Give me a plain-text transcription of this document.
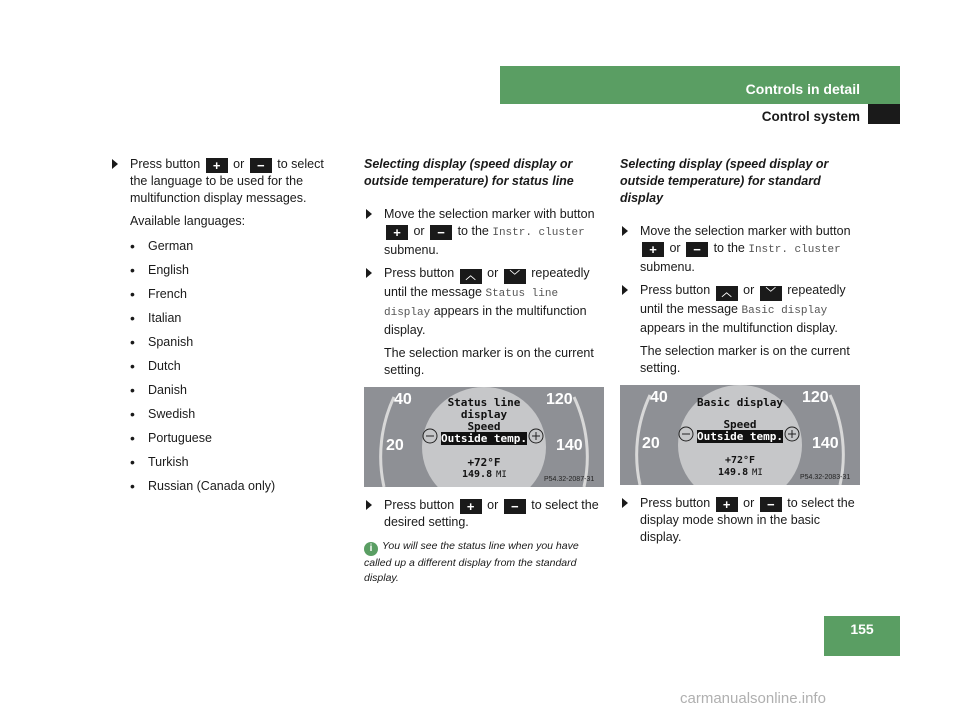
Controls in detail
Control system
Press button + or − to select the language to be used for the multifunction display messages.
Available languages:
• German
• English
• French
• Italian
• Spanish
• Dutch
• Danish
• Swedish
• Portuguese
• Turkish
• Russian (Canada only)
Selecting display (speed display or outside temperature) for status line
Move the selection marker with button + or − to the Instr. cluster submenu.
Press button ︿ or ﹀ repeatedly until the message Status line display appears in the multifunction display.
The selection marker is on the current setting.
40
20
120
140
Status line
display
Speed
Outside temp.
+72°F
149.8 MI	P54.32-2087-31
Press button + or − to select the desired setting.
i You will see the status line when you have called up a different display from the standard display.
Selecting display (speed display or outside temperature) for standard display
Move the selection marker with button + or − to the Instr. cluster submenu.
Press button ︿ or ﹀ repeatedly until the message Basic display appears in the multifunction display.
The selection marker is on the current setting.
40
20
120
140
Basic display
Speed
Outside temp.
+72°F
149.8 MI	P54.32-2083-31
Press button + or − to select the display mode shown in the basic display.
155
carmanualsonline.info
